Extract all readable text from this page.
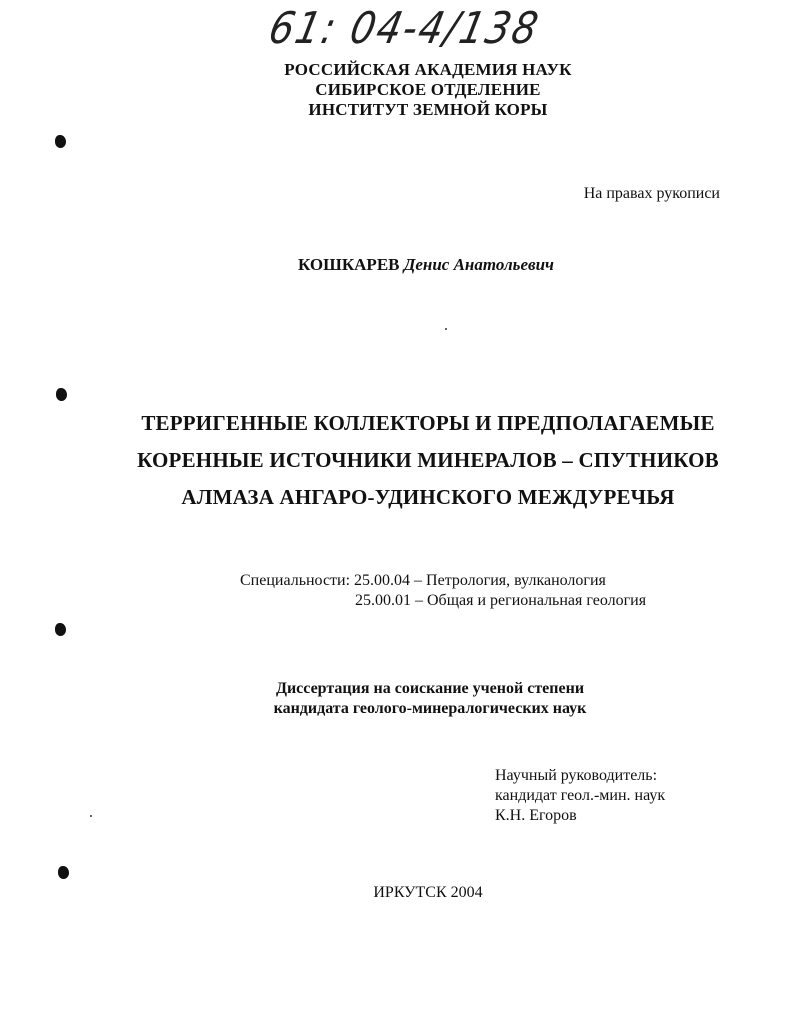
61: 04-4/138
РОССИЙСКАЯ АКАДЕМИЯ НАУК
СИБИРСКОЕ ОТДЕЛЕНИЕ
ИНСТИТУТ ЗЕМНОЙ КОРЫ
На правах рукописи
КОШКАРЕВ Денис Анатольевич
ТЕРРИГЕННЫЕ КОЛЛЕКТОРЫ И ПРЕДПОЛАГАЕМЫЕ
КОРЕННЫЕ ИСТОЧНИКИ МИНЕРАЛОВ – СПУТНИКОВ
АЛМАЗА АНГАРО-УДИНСКОГО МЕЖДУРЕЧЬЯ
Специальности: 25.00.04 – Петрология, вулканология
25.00.01 – Общая и региональная геология
Диссертация на соискание ученой степени
кандидата геолого-минералогических наук
Научный руководитель:
кандидат геол.-мин. наук
К.Н. Егоров
ИРКУТСК 2004
